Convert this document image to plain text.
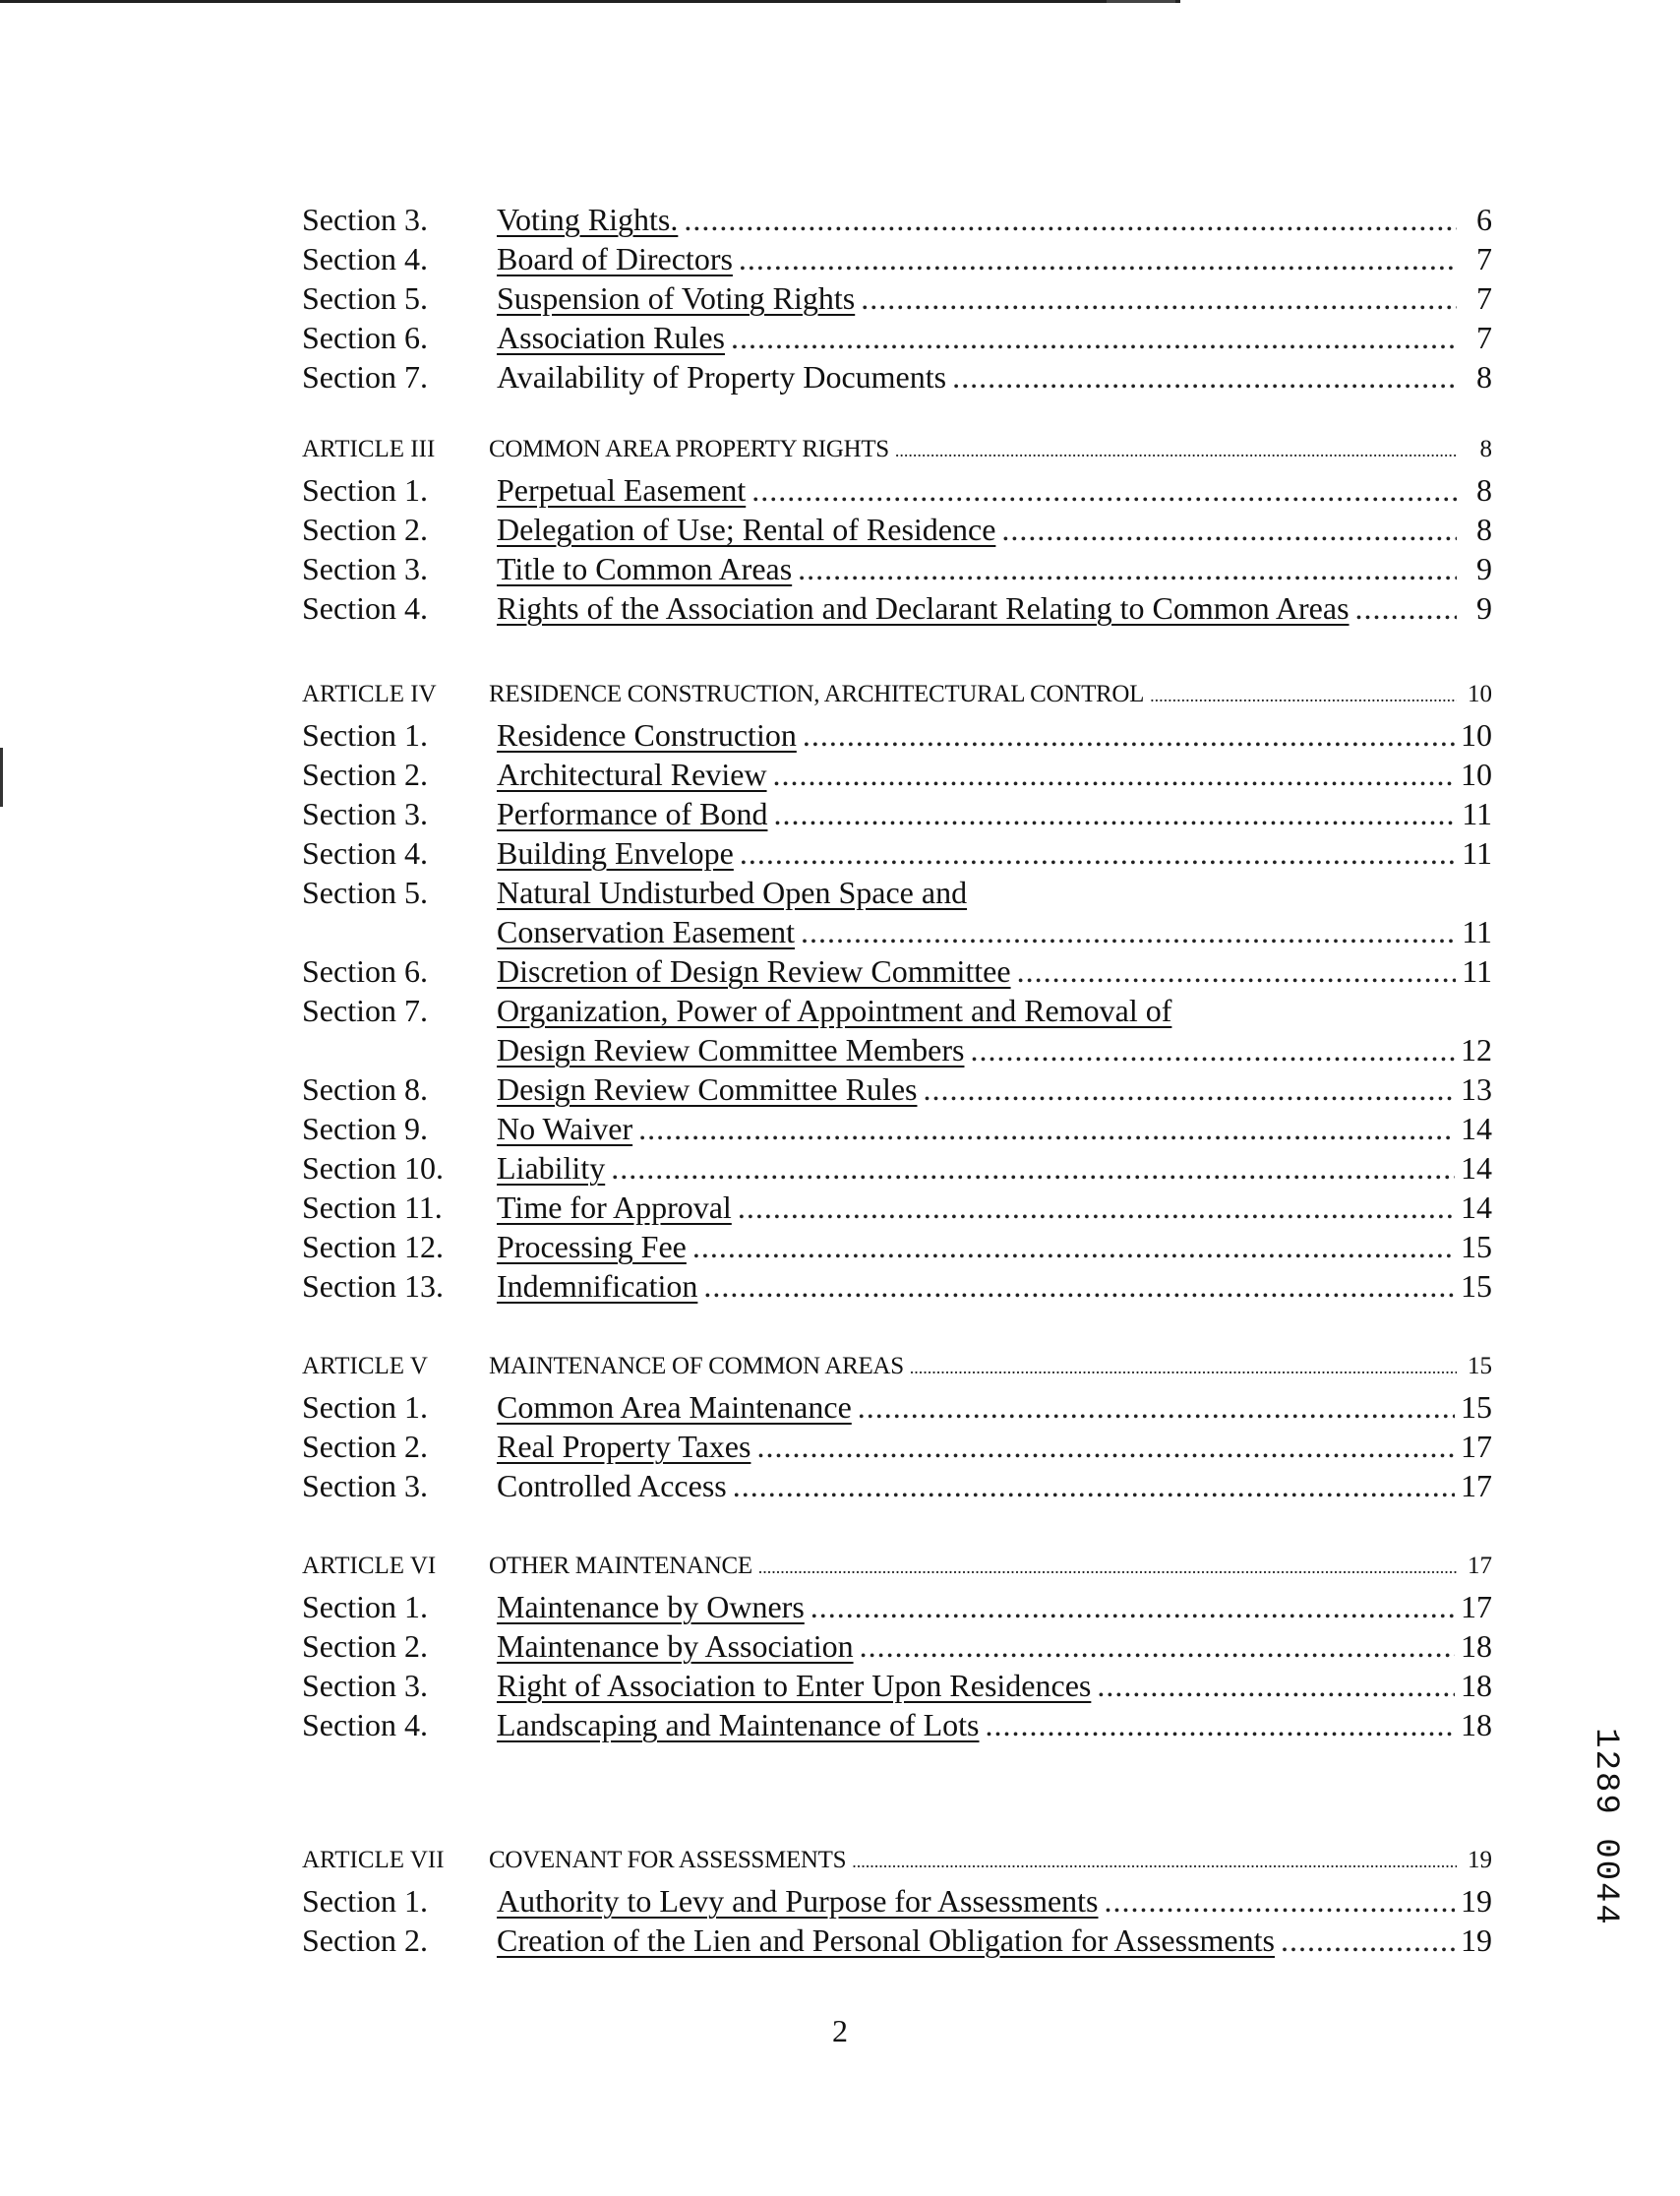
Section 3.	Voting Rights. .....	6
Section 4.	Board of Directors .....	7
Section 5.	Suspension of Voting Rights .....	7
Section 6.	Association Rules .....	7
Section 7.	Availability of Property Documents .....	8
ARTICLE III	COMMON AREA PROPERTY RIGHTS .....	8
Section 1.	Perpetual Easement .....	8
Section 2.	Delegation of Use; Rental of Residence .....	8
Section 3.	Title to Common Areas .....	9
Section 4.	Rights of the Association and Declarant Relating to Common Areas .....	9
ARTICLE IV	RESIDENCE CONSTRUCTION, ARCHITECTURAL CONTROL .....	10
Section 1.	Residence Construction .....	10
Section 2.	Architectural Review .....	10
Section 3.	Performance of Bond .....	11
Section 4.	Building Envelope .....	11
Section 5.	Natural Undisturbed Open Space and
Conservation Easement .....	11
Section 6.	Discretion of Design Review Committee .....	11
Section 7.	Organization, Power of Appointment and Removal of
Design Review Committee Members .....	12
Section 8.	Design Review Committee Rules .....	13
Section 9.	No Waiver .....	14
Section 10.	Liability .....	14
Section 11.	Time for Approval .....	14
Section 12.	Processing Fee .....	15
Section 13.	Indemnification .....	15
ARTICLE V	MAINTENANCE OF COMMON AREAS .....	15
Section 1.	Common Area Maintenance .....	15
Section 2.	Real Property Taxes .....	17
Section 3.	Controlled Access .....	17
ARTICLE VI	OTHER MAINTENANCE .....	17
Section 1.	Maintenance by Owners .....	17
Section 2.	Maintenance by Association .....	18
Section 3.	Right of Association to Enter Upon Residences .....	18
Section 4.	Landscaping and Maintenance of Lots .....	18
ARTICLE VII	COVENANT FOR ASSESSMENTS .....	19
Section 1.	Authority to Levy and Purpose for Assessments .....	19
Section 2.	Creation of the Lien and Personal Obligation for Assessments .....	19
2
1289 0044
